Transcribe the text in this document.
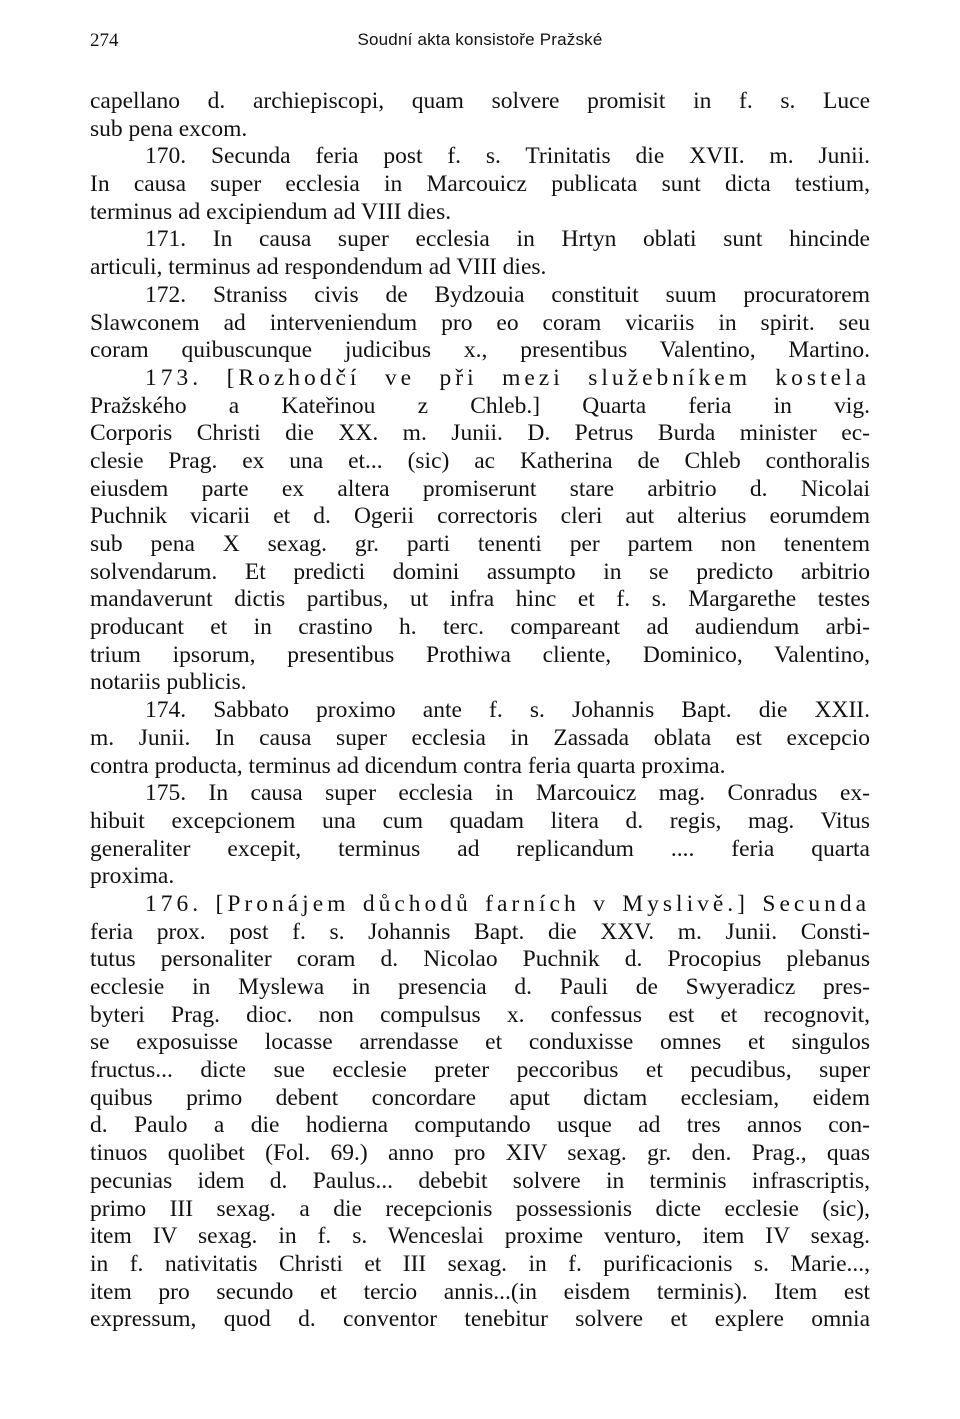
274	Soudní akta konsistoře Pražské
capellano d. archiepiscopi, quam solvere promisit in f. s. Luce
sub pena excom.
170. Secunda feria post f. s. Trinitatis die XVII. m. Junii.
In causa super ecclesia in Marcouicz publicata sunt dicta testium,
terminus ad excipiendum ad VIII dies.
171. In causa super ecclesia in Hrtyn oblati sunt hincinde
articuli, terminus ad respondendum ad VIII dies.
172. Straniss civis de Bydzouia constituit suum procuratorem
Slawconem ad interveniendum pro eo coram vicariis in spirit. seu
coram quibuscunque judicibus x., presentibus Valentino, Martino.
173. [Rozhodčí ve při mezi služebníkem kostela
Pražského a Kateřinou z Chleb.] Quarta feria in vig.
Corporis Christi die XX. m. Junii. D. Petrus Burda minister ec-
clesie Prag. ex una et... (sic) ac Katherina de Chleb conthoralis
eiusdem parte ex altera promiserunt stare arbitrio d. Nicolai
Puchnik vicarii et d. Ogerii correctoris cleri aut alterius eorumdem
sub pena X sexag. gr. parti tenenti per partem non tenentem
solvendarum. Et predicti domini assumpto in se predicto arbitrio
mandaverunt dictis partibus, ut infra hinc et f. s. Margarethe testes
producant et in crastino h. terc. compareant ad audiendum arbi-
trium ipsorum, presentibus Prothiwa cliente, Dominico, Valentino,
notariis publicis.
174. Sabbato proximo ante f. s. Johannis Bapt. die XXII.
m. Junii. In causa super ecclesia in Zassada oblata est excepcio
contra producta, terminus ad dicendum contra feria quarta proxima.
175. In causa super ecclesia in Marcouicz mag. Conradus ex-
hibuit excepcionem una cum quadam litera d. regis, mag. Vitus
generaliter excepit, terminus ad replicandum .... feria quarta
proxima.
176. [Pronájem důchodů farních v Myslivě.] Secunda
feria prox. post f. s. Johannis Bapt. die XXV. m. Junii. Consti-
tutus personaliter coram d. Nicolao Puchnik d. Procopius plebanus
ecclesie in Myslewa in presencia d. Pauli de Swyeradicz pres-
byteri Prag. dioc. non compulsus x. confessus est et recognovit,
se exposuisse locasse arrendasse et conduxisse omnes et singulos
fructus... dicte sue ecclesie preter peccoribus et pecudibus, super
quibus primo debent concordare aput dictam ecclesiam, eidem
d. Paulo a die hodierna computando usque ad tres annos con-
tinuos quolibet (Fol. 69.) anno pro XIV sexag. gr. den. Prag., quas
pecunias idem d. Paulus... debebit solvere in terminis infrascriptis,
primo III sexag. a die recepcionis possessionis dicte ecclesie (sic),
item IV sexag. in f. s. Wenceslai proxime venturo, item IV sexag.
in f. nativitatis Christi et III sexag. in f. purificacionis s. Marie...,
item pro secundo et tercio annis...(in eisdem terminis). Item est
expressum, quod d. conventor tenebitur solvere et explere omnia
